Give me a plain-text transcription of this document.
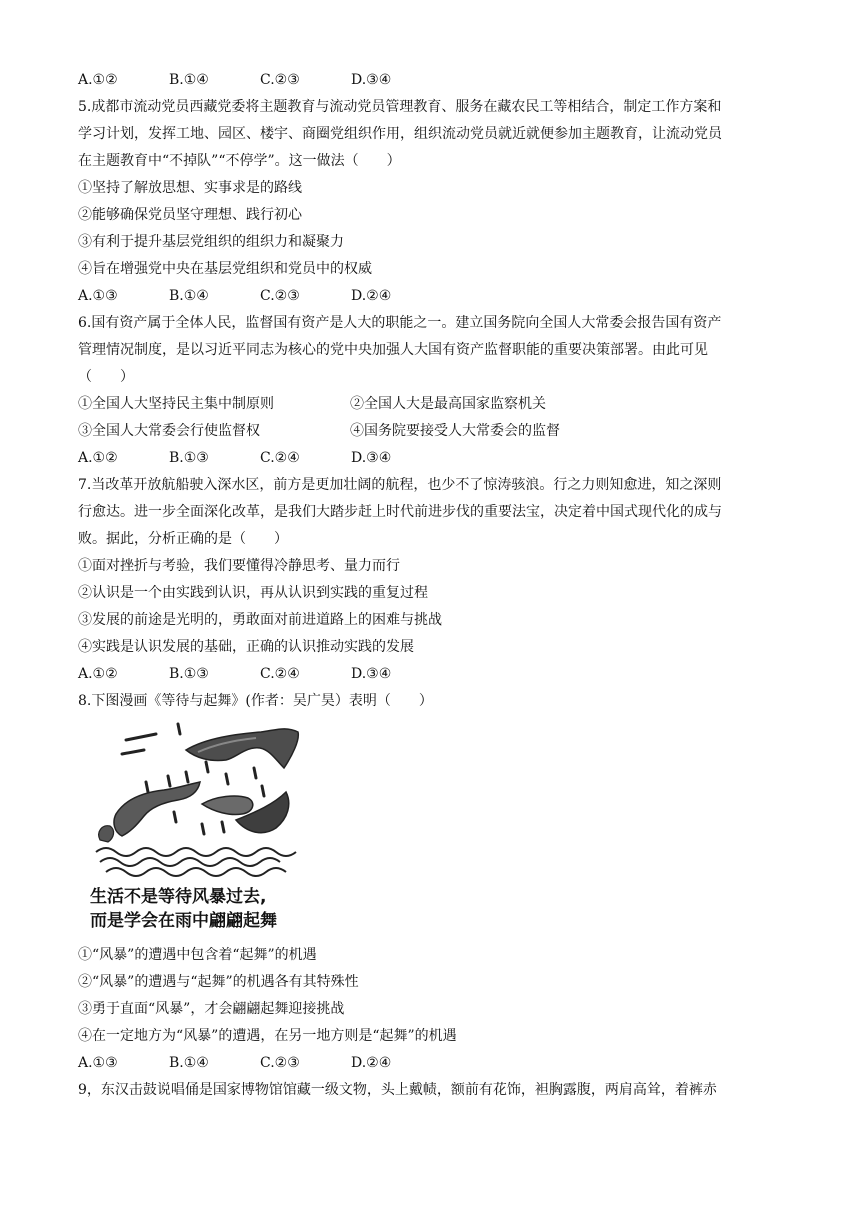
A.①②	B.①④	C.②③	D.③④
5.成都市流动党员西藏党委将主题教育与流动党员管理教育、服务在藏农民工等相结合，制定工作方案和
学习计划，发挥工地、园区、楼宇、商圈党组织作用，组织流动党员就近就便参加主题教育，让流动党员
在主题教育中“不掉队”“不停学”。这一做法（　　）
①坚持了解放思想、实事求是的路线
②能够确保党员坚守理想、践行初心
③有利于提升基层党组织的组织力和凝聚力
④旨在增强党中央在基层党组织和党员中的权威
A.①③	B.①④	C.②③	D.②④
6.国有资产属于全体人民，监督国有资产是人大的职能之一。建立国务院向全国人大常委会报告国有资产
管理情况制度，是以习近平同志为核心的党中央加强人大国有资产监督职能的重要决策部署。由此可见
（　　）
①全国人大坚持民主集中制原则	②全国人大是最高国家监察机关
③全国人大常委会行使监督权	④国务院要接受人大常委会的监督
A.①②	B.①③	C.②④	D.③④
7.当改革开放航船驶入深水区，前方是更加壮阔的航程，也少不了惊涛骇浪。行之力则知愈进，知之深则
行愈达。进一步全面深化改革，是我们大踏步赶上时代前进步伐的重要法宝，决定着中国式现代化的成与
败。据此，分析正确的是（　　）
①面对挫折与考验，我们要懂得冷静思考、量力而行
②认识是一个由实践到认识，再从认识到实践的重复过程
③发展的前途是光明的，勇敢面对前进道路上的困难与挑战
④实践是认识发展的基础，正确的认识推动实践的发展
A.①②	B.①③	C.②④	D.③④
8.下图漫画《等待与起舞》(作者：吴广昊）表明（　　）
生活不是等待风暴过去,
而是学会在雨中翩翩起舞
①“风暴”的遭遇中包含着“起舞”的机遇
②“风暴”的遭遇与“起舞”的机遇各有其特殊性
③勇于直面“风暴”，才会翩翩起舞迎接挑战
④在一定地方为“风暴”的遭遇，在另一地方则是“起舞”的机遇
A.①③	B.①④	C.②③	D.②④
9，东汉击鼓说唱俑是国家博物馆馆藏一级文物，头上戴帻，额前有花饰，袒胸露腹，两肩高耸，着裤赤
